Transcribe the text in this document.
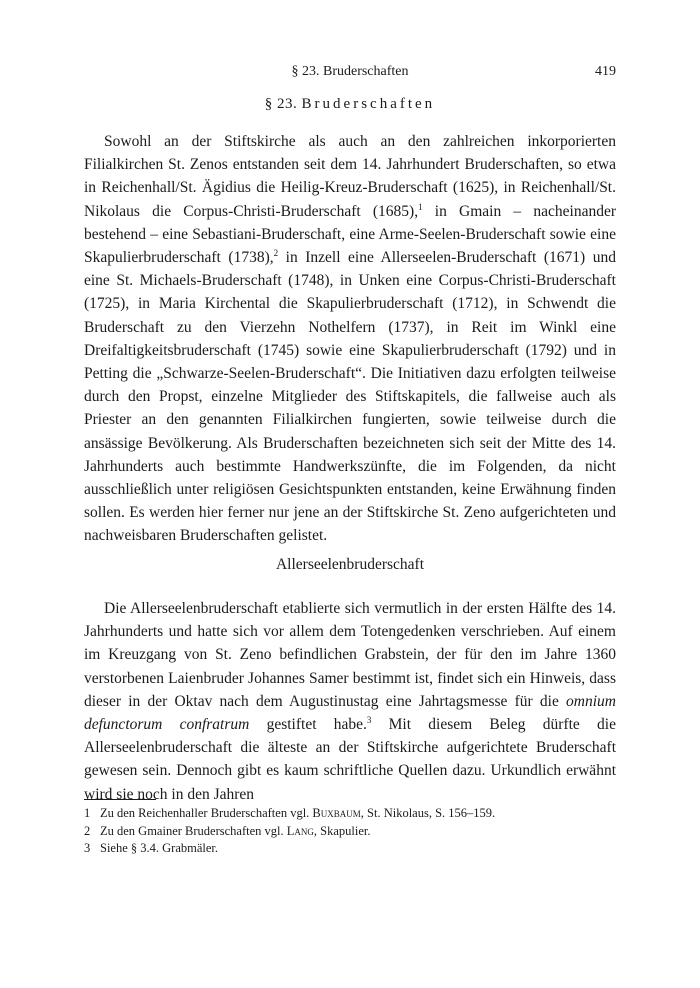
§ 23. Bruderschaften	419
§ 23. Bruderschaften

Sowohl an der Stiftskirche als auch an den zahlreichen inkorporierten Filialkirchen St. Zenos entstanden seit dem 14. Jahrhundert Bruderschaften, so etwa in Reichenhall/St. Ägidius die Heilig-Kreuz-Bruderschaft (1625), in Reichenhall/St. Nikolaus die Corpus-Christi-Bruderschaft (1685),$^1$ in Gmain – nacheinander bestehend – eine Sebastiani-Bruderschaft, eine Arme-Seelen-Bruderschaft sowie eine Skapulierbruderschaft (1738),$^2$ in Inzell eine Allerseelen-Bruderschaft (1671) und eine St. Michaels-Bruderschaft (1748), in Unken eine Corpus-Christi-Bruderschaft (1725), in Maria Kirchental die Skapulierbruderschaft (1712), in Schwendt die Bruderschaft zu den Vierzehn Nothelfern (1737), in Reit im Winkl eine Dreifaltigkeitsbruderschaft (1745) sowie eine Skapulierbruderschaft (1792) und in Petting die „Schwarze-Seelen-Bruderschaft“. Die Initiativen dazu erfolgten teilweise durch den Propst, einzelne Mitglieder des Stiftskapitels, die fallweise auch als Priester an den genannten Filialkirchen fungierten, sowie teilweise durch die ansässige Bevölkerung. Als Bruderschaften bezeichneten sich seit der Mitte des 14. Jahrhunderts auch bestimmte Handwerkszünfte, die im Folgenden, da nicht ausschließlich unter religiösen Gesichtspunkten entstanden, keine Erwähnung finden sollen. Es werden hier ferner nur jene an der Stiftskirche St. Zeno aufgerichteten und nachweisbaren Bruderschaften gelistet.

Allerseelenbruderschaft

Die Allerseelenbruderschaft etablierte sich vermutlich in der ersten Hälfte des 14. Jahrhunderts und hatte sich vor allem dem Totengedenken verschrieben. Auf einem im Kreuzgang von St. Zeno befindlichen Grabstein, der für den im Jahre 1360 verstorbenen Laienbruder Johannes Samer bestimmt ist, findet sich ein Hinweis, dass dieser in der Oktav nach dem Augustinustag eine Jahrtagsmesse für die omnium defunctorum confratrum gestiftet habe.$^3$ Mit diesem Beleg dürfte die Allerseelenbruderschaft die älteste an der Stiftskirche aufgerichtete Bruderschaft gewesen sein. Dennoch gibt es kaum schriftliche Quellen dazu. Urkundlich erwähnt wird sie noch in den Jahren

1 Zu den Reichenhaller Bruderschaften vgl. Buxbaum, St. Nikolaus, S. 156–159.
2 Zu den Gmainer Bruderschaften vgl. Lang, Skapulier.
3 Siehe § 3.4. Grabmäler.
